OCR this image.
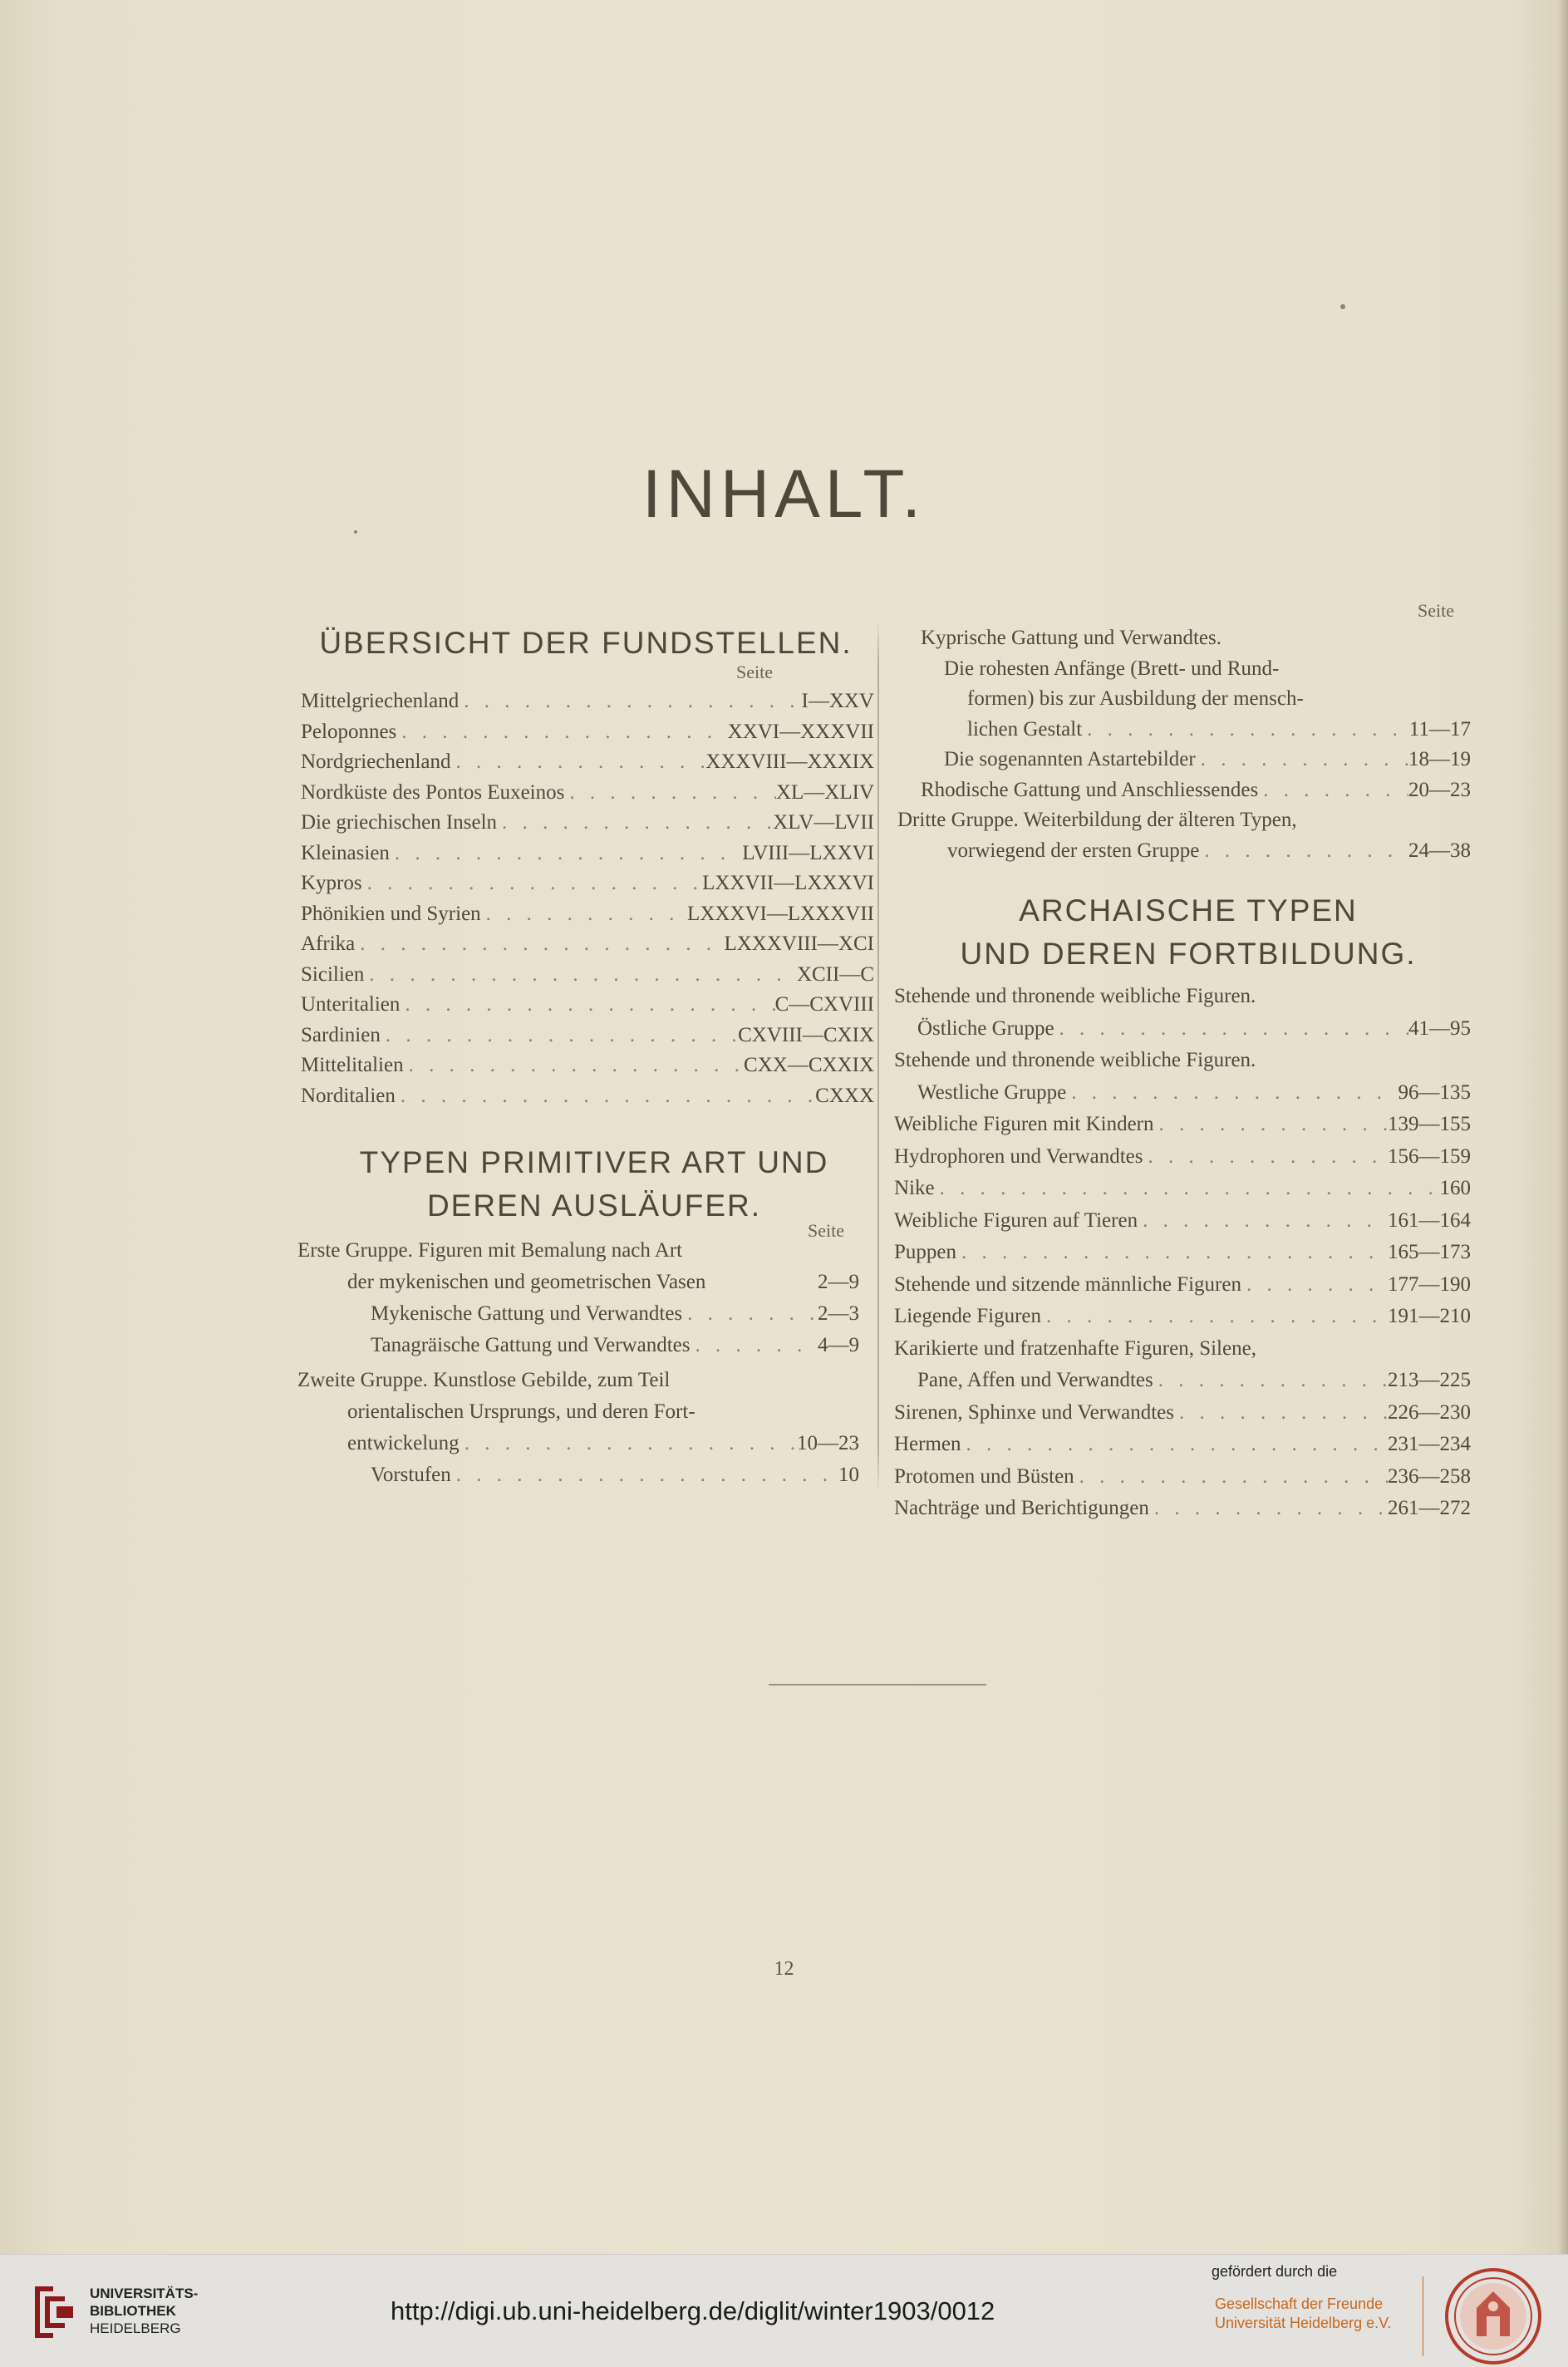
INHALT.
ÜBERSICHT DER FUNDSTELLEN.
Seite
Mittelgriechenland . . .	I—XXV
Peloponnes . . .	XXVI—XXXVII
Nordgriechenland . . .	XXXVIII—XXXIX
Nordküste des Pontos Euxeinos . . .	XL—XLIV
Die griechischen Inseln . . .	XLV—LVII
Kleinasien . . .	LVIII—LXXVI
Kypros . . .	LXXVII—LXXXVI
Phönikien und Syrien . . .	LXXXVI—LXXXVII
Afrika . . .	LXXXVIII—XCI
Sicilien . . .	XCII—C
Unteritalien . . .	C—CXVIII
Sardinien . . .	CXVIII—CXIX
Mittelitalien . . .	CXX—CXXIX
Norditalien . . .	CXXX
TYPEN PRIMITIVER ART UND
DEREN AUSLÄUFER.
Seite
Erste Gruppe. Figuren mit Bemalung nach Art
der mykenischen und geometrischen Vasen	2—9
Mykenische Gattung und Verwandtes . . .	2—3
Tanagräische Gattung und Verwandtes . . .	4—9
Zweite Gruppe. Kunstlose Gebilde, zum Teil
orientalischen Ursprungs, und deren Fort-
entwickelung . . .	10—23
Vorstufen . . .	10
Seite
Kyprische Gattung und Verwandtes.
Die rohesten Anfänge (Brett- und Rund-
formen) bis zur Ausbildung der mensch-
lichen Gestalt . . .	11—17
Die sogenannten Astartebilder . . .	18—19
Rhodische Gattung und Anschliessendes . . .	20—23
Dritte Gruppe. Weiterbildung der älteren Typen,
vorwiegend der ersten Gruppe . . .	24—38
ARCHAISCHE TYPEN
UND DEREN FORTBILDUNG.
Stehende und thronende weibliche Figuren.
Östliche Gruppe . . .	41—95
Stehende und thronende weibliche Figuren.
Westliche Gruppe . . .	96—135
Weibliche Figuren mit Kindern . . .	139—155
Hydrophoren und Verwandtes . . .	156—159
Nike . . .	160
Weibliche Figuren auf Tieren . . .	161—164
Puppen . . .	165—173
Stehende und sitzende männliche Figuren . . .	177—190
Liegende Figuren . . .	191—210
Karikierte und fratzenhafte Figuren, Silene,
Pane, Affen und Verwandtes . . .	213—225
Sirenen, Sphinxe und Verwandtes . . .	226—230
Hermen . . .	231—234
Protomen und Büsten . . .	236—258
Nachträge und Berichtigungen . . .	261—272
12
UNIVERSITÄTS-
BIBLIOTHEK
HEIDELBERG
http://digi.ub.uni-heidelberg.de/diglit/winter1903/0012
gefördert durch die
Gesellschaft der Freunde
Universität Heidelberg e.V.
